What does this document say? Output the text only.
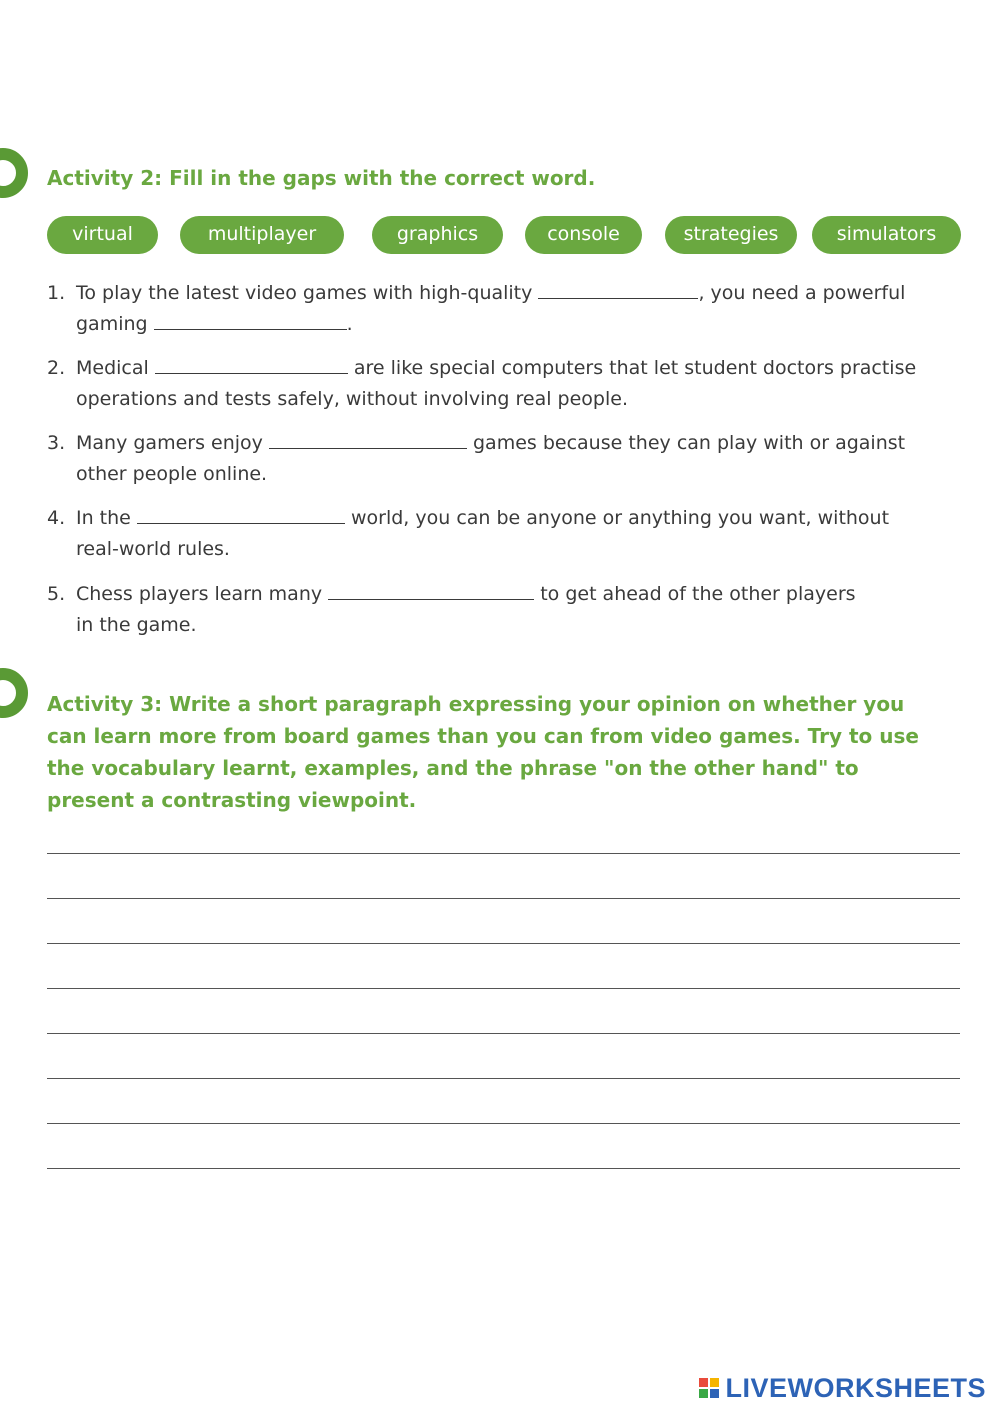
Activity 2: Fill in the gaps with the correct word.
virtual	multiplayer	graphics	console	strategies	simulators
1. To play the latest video games with high-quality	, you need a powerful
gaming	.
2. Medical	are like special computers that let student doctors practise
operations and tests safely, without involving real people.
3. Many gamers enjoy	games because they can play with or against
other people online.
4. In the	world, you can be anyone or anything you want, without
real-world rules.
5. Chess players learn many	to get ahead of the other players
in the game.
Activity 3: Write a short paragraph expressing your opinion on whether you can learn more from board games than you can from video games. Try to use the vocabulary learnt, examples, and the phrase "on the other hand" to present a contrasting viewpoint.
LIVEWORKSHEETS
